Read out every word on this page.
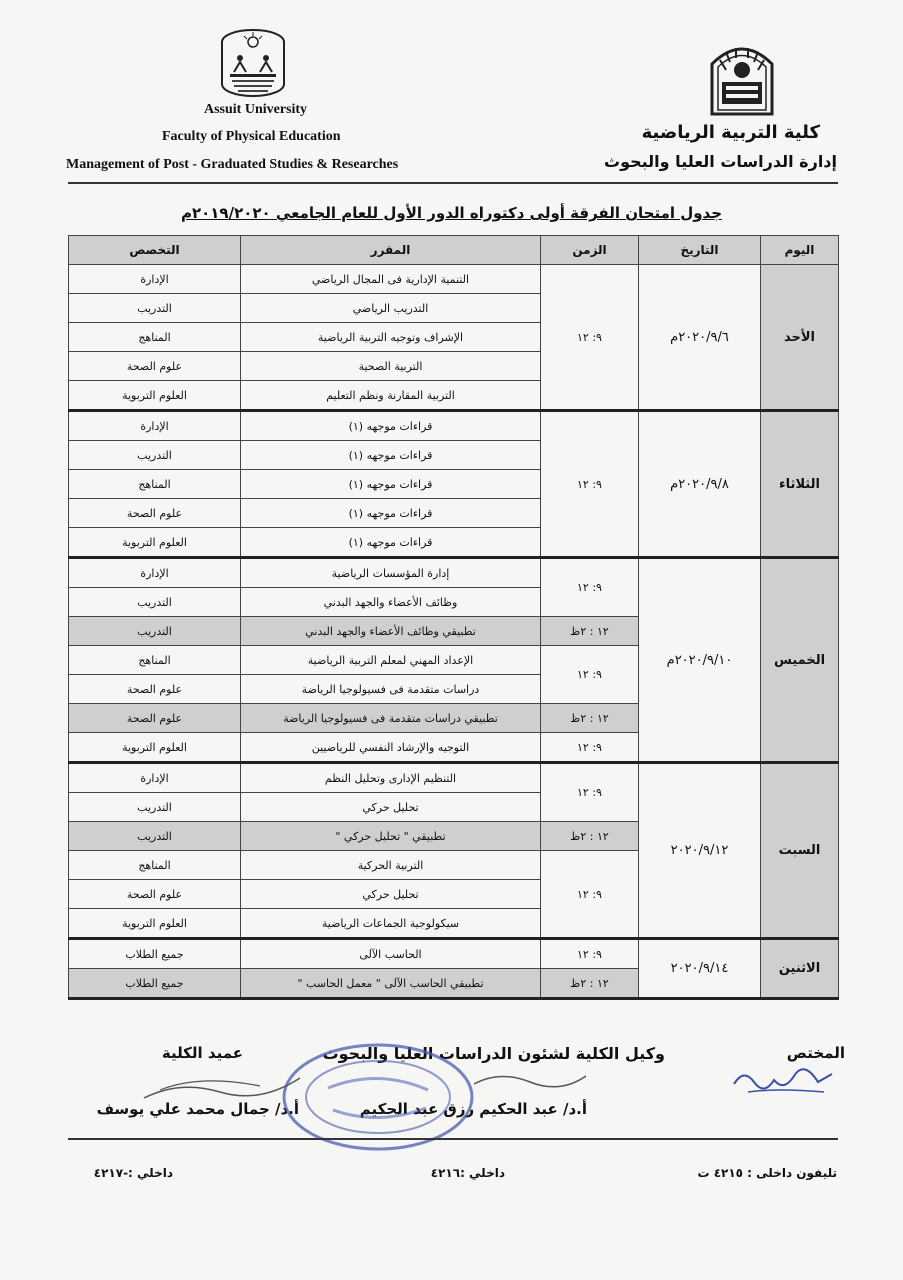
Assuit University
Faculty of Physical Education
Management of Post - Graduated Studies & Researches
كلية التربية الرياضية
إدارة الدراسات العليا والبحوث
جدول امتحان الفرقة أولى دكتوراه الدور الأول للعام الجامعي ٢٠١٩/٢٠٢٠م
اليوم	التاريخ	الزمن	المقرر	التخصص
الأحد	٢٠٢٠/٩/٦م	٩: ١٢	التنمية الإدارية فى المجال الرياضي	الإدارة
			التدريب الرياضي	التدريب
			الإشراف وتوجيه التربية الرياضية	المناهج
			التربية الصحية	علوم الصحة
			التربية المقارنة ونظم التعليم	العلوم التربوية
الثلاثاء	٢٠٢٠/٩/٨م	٩: ١٢	قراءات موجهه (١)	الإدارة
			قراءات موجهه (١)	التدريب
			قراءات موجهه (١)	المناهج
			قراءات موجهه (١)	علوم الصحة
			قراءات موجهه (١)	العلوم التربوية
الخميس	٢٠٢٠/٩/١٠م	٩: ١٢	إدارة المؤسسات الرياضية	الإدارة
			وظائف الأعضاء والجهد البدني	التدريب
		١٢ : ٢ظ	تطبيقي وظائف الأعضاء والجهد البدني	التدريب
		٩: ١٢	الإعداد المهني لمعلم التربية الرياضية	المناهج
			دراسات متقدمة فى فسيولوجيا الرياضة	علوم الصحة
		١٢ : ٢ظ	تطبيقي دراسات متقدمة فى فسيولوجيا الرياضة	علوم الصحة
		٩: ١٢	التوجيه والإرشاد النفسي للرياضيين	العلوم التربوية
السبت	٢٠٢٠/٩/١٢	٩: ١٢	التنظيم الإدارى وتحليل النظم	الإدارة
			تحليل حركي	التدريب
		١٢ : ٢ظ	تطبيقي " تحليل حركي "	التدريب
		٩: ١٢	التربية الحركية	المناهج
			تحليل حركي	علوم الصحة
			سيكولوجية الجماعات الرياضية	العلوم التربوية
الاثنين	٢٠٢٠/٩/١٤	٩: ١٢	الحاسب الآلى	جميع الطلاب
		١٢ : ٢ظ	تطبيقي الحاسب الآلى " معمل الحاسب "	جميع الطلاب
المختص
وكيل الكلية لشئون الدراسات العليا والبحوث
عميد الكلية
أ.د/ عبد الحكيم رزق عبد الحكيم
أ.د/ جمال محمد علي يوسف
تليفون داخلى : ٤٢١٥ ت
داخلي :٤٢١٦
داخلي :-٤٢١٧
